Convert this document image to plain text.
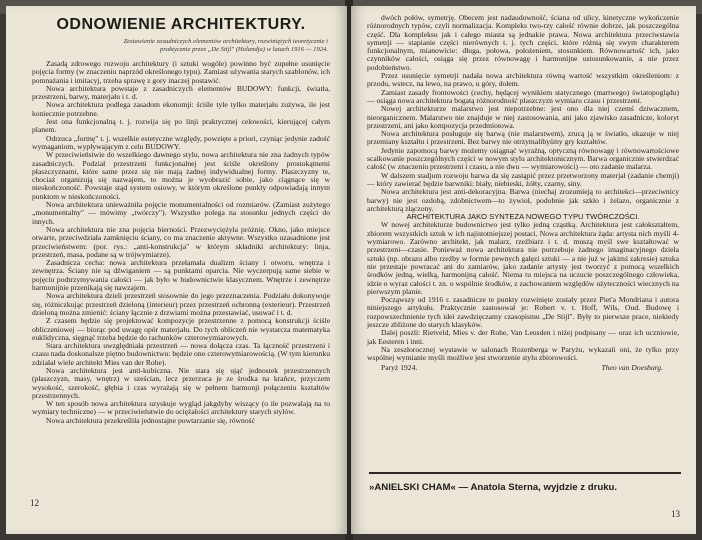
ODNOWIENIE ARCHITEKTURY.
Zestawienie zasadniczych elementów architektury, rozwiniętych teoretycznie i praktycznie przez „De Stijl" (Holandja) w latach 1916 — 1924.

Zasadą zdrowego rozwoju architektury (i sztuki wogóle) powinno być zupełne usunięcie pojęcia formy (w znaczeniu naprzód określonego typu). Zamiast używania starych szablonów, ich pomnażania i imitacyj, trzeba sprawę z gory inaczej postawić.

Nowa architektura powstaje z zasadniczych elementów BUDOWY: funkcji, światła, przestrzeni, barwy, materjału i t. d.

Nowa architektura podlega zasadom ekonomji: ściśle tyle tylko materjału zużywa, ile jest koniecznie potrzebne.

Jest ona funkcjonalną t. j. rozwija się po linji praktycznej celowości, kierującej całym planem.

Odrzuca „formę" t. j. wszelkie estetyczne względy, powzięte a priori, czyniąc jedynie zadość wymaganiom, wypływającym z celu BUDOWY.

W przeciwieństwie do wszelkiego dawnego stylu, nowa architektura nie zna żadnych typów zasadniczych. Podział przestrzeni funkcjonalnej jest ściśle określony prostokątnemi płaszczyznami, które same przez się nie mają żadnej indywidualnej formy. Płaszczyzny te, chociaż organizują się nazwajem, to można je wyobrazić sobie, jako ciągnące się w nieskończoność. Powstaje stąd system osiowy, w którym określone punkty odpowiadają innym punktom w nieskończoności.

Nowa architektura unieważniła pojęcie monumentalności od rozmiarów. (Zamiast zużytego „monumentalny" — mówimy „twórczy"). Wszystko polega na stosunku jednych części do innych.

Nowa architektura nie zna pojęcia bierności. Przezwyciężyła próżnię. Okno, jako miejsce otwarte, przeciwdziała zamknięciu ściany, co ma znaczenie aktywne. Wszystko uzasadnione jest przeciwieństwem: (por. rys.: „anti-konstrukcja" w którym składniki architektury: linja, przestrzeń, masa, podane są w trójwymiarze).

Zasadnicza cecha: nowa architektura przełamała dualizm ściany i otworu, wnętrza i zewnętrza. Ściany nie są dźwiganiem — są punktami oparcia. Nie wyczerpują same siebie w pojęciu podtrzymywania całości — jak było w budownictwie klasycznem. Wnętrze i zewnętrze harmonijnie przenikają się nawzajem.

Nowa architektura dzieli przestrzeń stosownie do jego przeznaczenia. Podziału dokonywuje się, różniczkując przestrzeń dzieloną (interieur) przez przestrzeń ochronną (exterieur). Przestrzeń dzieloną można zmienić: ściany łącznie z drzwiami można przestawiać, usuwać i t. d.

Z czasem będzie się projektować kompozycje przestrzenne z pomocą konstrukcji ściśle obliczeniowej — biorąc pod uwagę opór materjału. Do tych obliczeń nie wystarcza matematyka euklidyczna, sięgnąć trzeba będzie do rachunków czterowymiarowych.

Stara architektura uwzględniała przestrzeń — nowa dołącza czas. Ta łączność przestrzeni i czasu nada doskonalsze piętno budownictwu: będzie ono czterowymiarowością. (W tym kierunku zdziałał wiele architekt Mies van der Rohe).

Nowa architektura jest anti-kubiczna. Nie stara się ująć jednostek przestrzennych (płaszczyzn, masy, wnętrz) w sześcian, lecz przerzuca je ze środka na krańce, przyczem wysokość, szerokość, głębia i czas wyrażają się w pełnem harmonji połączeniu kształtów przestrzennych.

W ten sposób nowa architektura uzyskuje wygląd jakgdyby wiszący (o ile pozwalają na to wymiary techniczne) — w przeciwieństwie do ociężałości architektury starych stylów.

Nowa architektura przekreśliła jednostajne powtarzanie się, równość

12

dwóch połów, symetrję. Obecem jest nadaudowność, ściana od ulicy, kinetyczne wykończenie różnorodnych typów, czyli normalizacja. Kompleks two-rzy całość równie dobrze, jak poszczególna część. Dla kompleksu jak i całego miasta są jednakie prawa. Nowa architektura przeciwstawia symetrji — stapianie części nierównych t. j. tych części, które różnią się swym charakterem funkcjonalnym, mianowicie: długa, połowa, położeniem, stosunkiem. Równowartość ich, jako czynników całości, osiąga się przez równowagę i harmonijne ustosunkowanie, a nie przez podobieństwo.

Przez usunięcie symetrji nadała nowa architektura równą wartość wszystkim określeniom: z przodu, wstecz, na lewo, na prawo, u góry, dołem.

Zamiast zasady frontowości (cechy, będącej wynikiem statycznego (martwego) światopoglądu) — osiąga nowa architektura bogatą różnorodność płaszczyzn wymiaru czasu i przestrzeni.

Nowej architekturze malarstwo jest niepotrzebne: jest ono dla niej czemś dziwacznem, nieorganicznem. Malarstwo nie znajduje w niej zastosowania, ani jako zjawisko zasadnicze, koloryt przestrzeni, ani jako kompozycja przedmiotowa.

Nowa architektura posługuje się barwą (nie malarstwem), zrucą ją w światło, ukazuje w niej przemiany kształtu i przestrzeni. Bez barwy nie otrzymalibyśmy gry kształtów.

Jedynie zapomocą barwy możemy osiągnąć wyraźną, optyczną równowagę i równowartościowe scalkowanie poszczególnych części w nowym stylu architektonicznym. Barwa organicznie stwierdzać całość (w znaczeniu przestrzeni i czasu, a nie dwu — wymiarowości) — oto zadanie malarza.

W dalszem stadjum rozwoju barwa da się zastąpić przez przetworzony materjał (zadanie chemji) — który zawierać będzie barwniki: biały, niebieski, żółty, czarny, siny.

Nowa architektura jest anti-dekoracyjna. Barwa (niechaj zrozumieją to architekci—przeciwnicy barwy) nie jest ozdobą, zdobnictwem—to żywioł, podobnie jak szkło i żelazo, organicznie z architekturą złączony.

ARCHITEKTURA JAKO SYNTEZA NOWEGO TYPU TWÓRCZOŚCI.

W nowej architekturze budownictwo jest tylko jedną cząstką. Architektura jest całokształtem, zbiorem wszystkich sztuk w ich najistotniejszej postaci. Nowa architektura żąda: artysta nich myśli 4-wymiarowo. Zarówno architekt, jak malarz, rzeźbiarz i t. d. muszą myśl swe kształtować w przestrzeni—czasie. Ponieważ nowa architektura nie potrzebuje żadnego imaginacyjnego dzieła sztuki (np. obrazu albo rzeźby w formie pewnych gałęzi sztuki — a nie już w jakimś zakresie) sztuka nie przestaje powracać ani do zamiarów, jako zadanie artysty jest tworzyć z pomocą wszelkich środków jedną, wielką, harmonijną całość. Niema tu miejsca na uczucie poszczególnego człowieka, idzie o wyraz całości t. zn. o wspólnie środków, z zachowaniem względów użyteczności wiecznych na pierwszym planie.

Począwszy od 1916 r. zasadnicze te punkty rozwinięte zostały przez Piet'a Mondriana i autora niniejszego artykułu. Praktycznie zastosował je: Robert v. t. Hoff, Wils, Oud. Budowę i rozpowszechnienie tych idei zawdzięczamy czasopismu „De Stijl". Były to pierwsze prace, niekiedy jeszcze zbliżone do starych klasyków.

Dalej poszli: Rietveld, Mies v. der Rohe, Van Leusden i niżej podpisany — oraz ich uczniowie, jak Eesteren i inni.

Na zeszłorocznej wystawie w salonach Rozenberga w Paryżu, wykazali oni, że tylko przy wspólnej wymianie myśli możliwe jest stworzenie stylu zbiorowości.

Paryż 1924.	Theo van Doesburg.
»ANIELSKI CHAM« — Anatola Sterna, wyjdzie z druku.
13
